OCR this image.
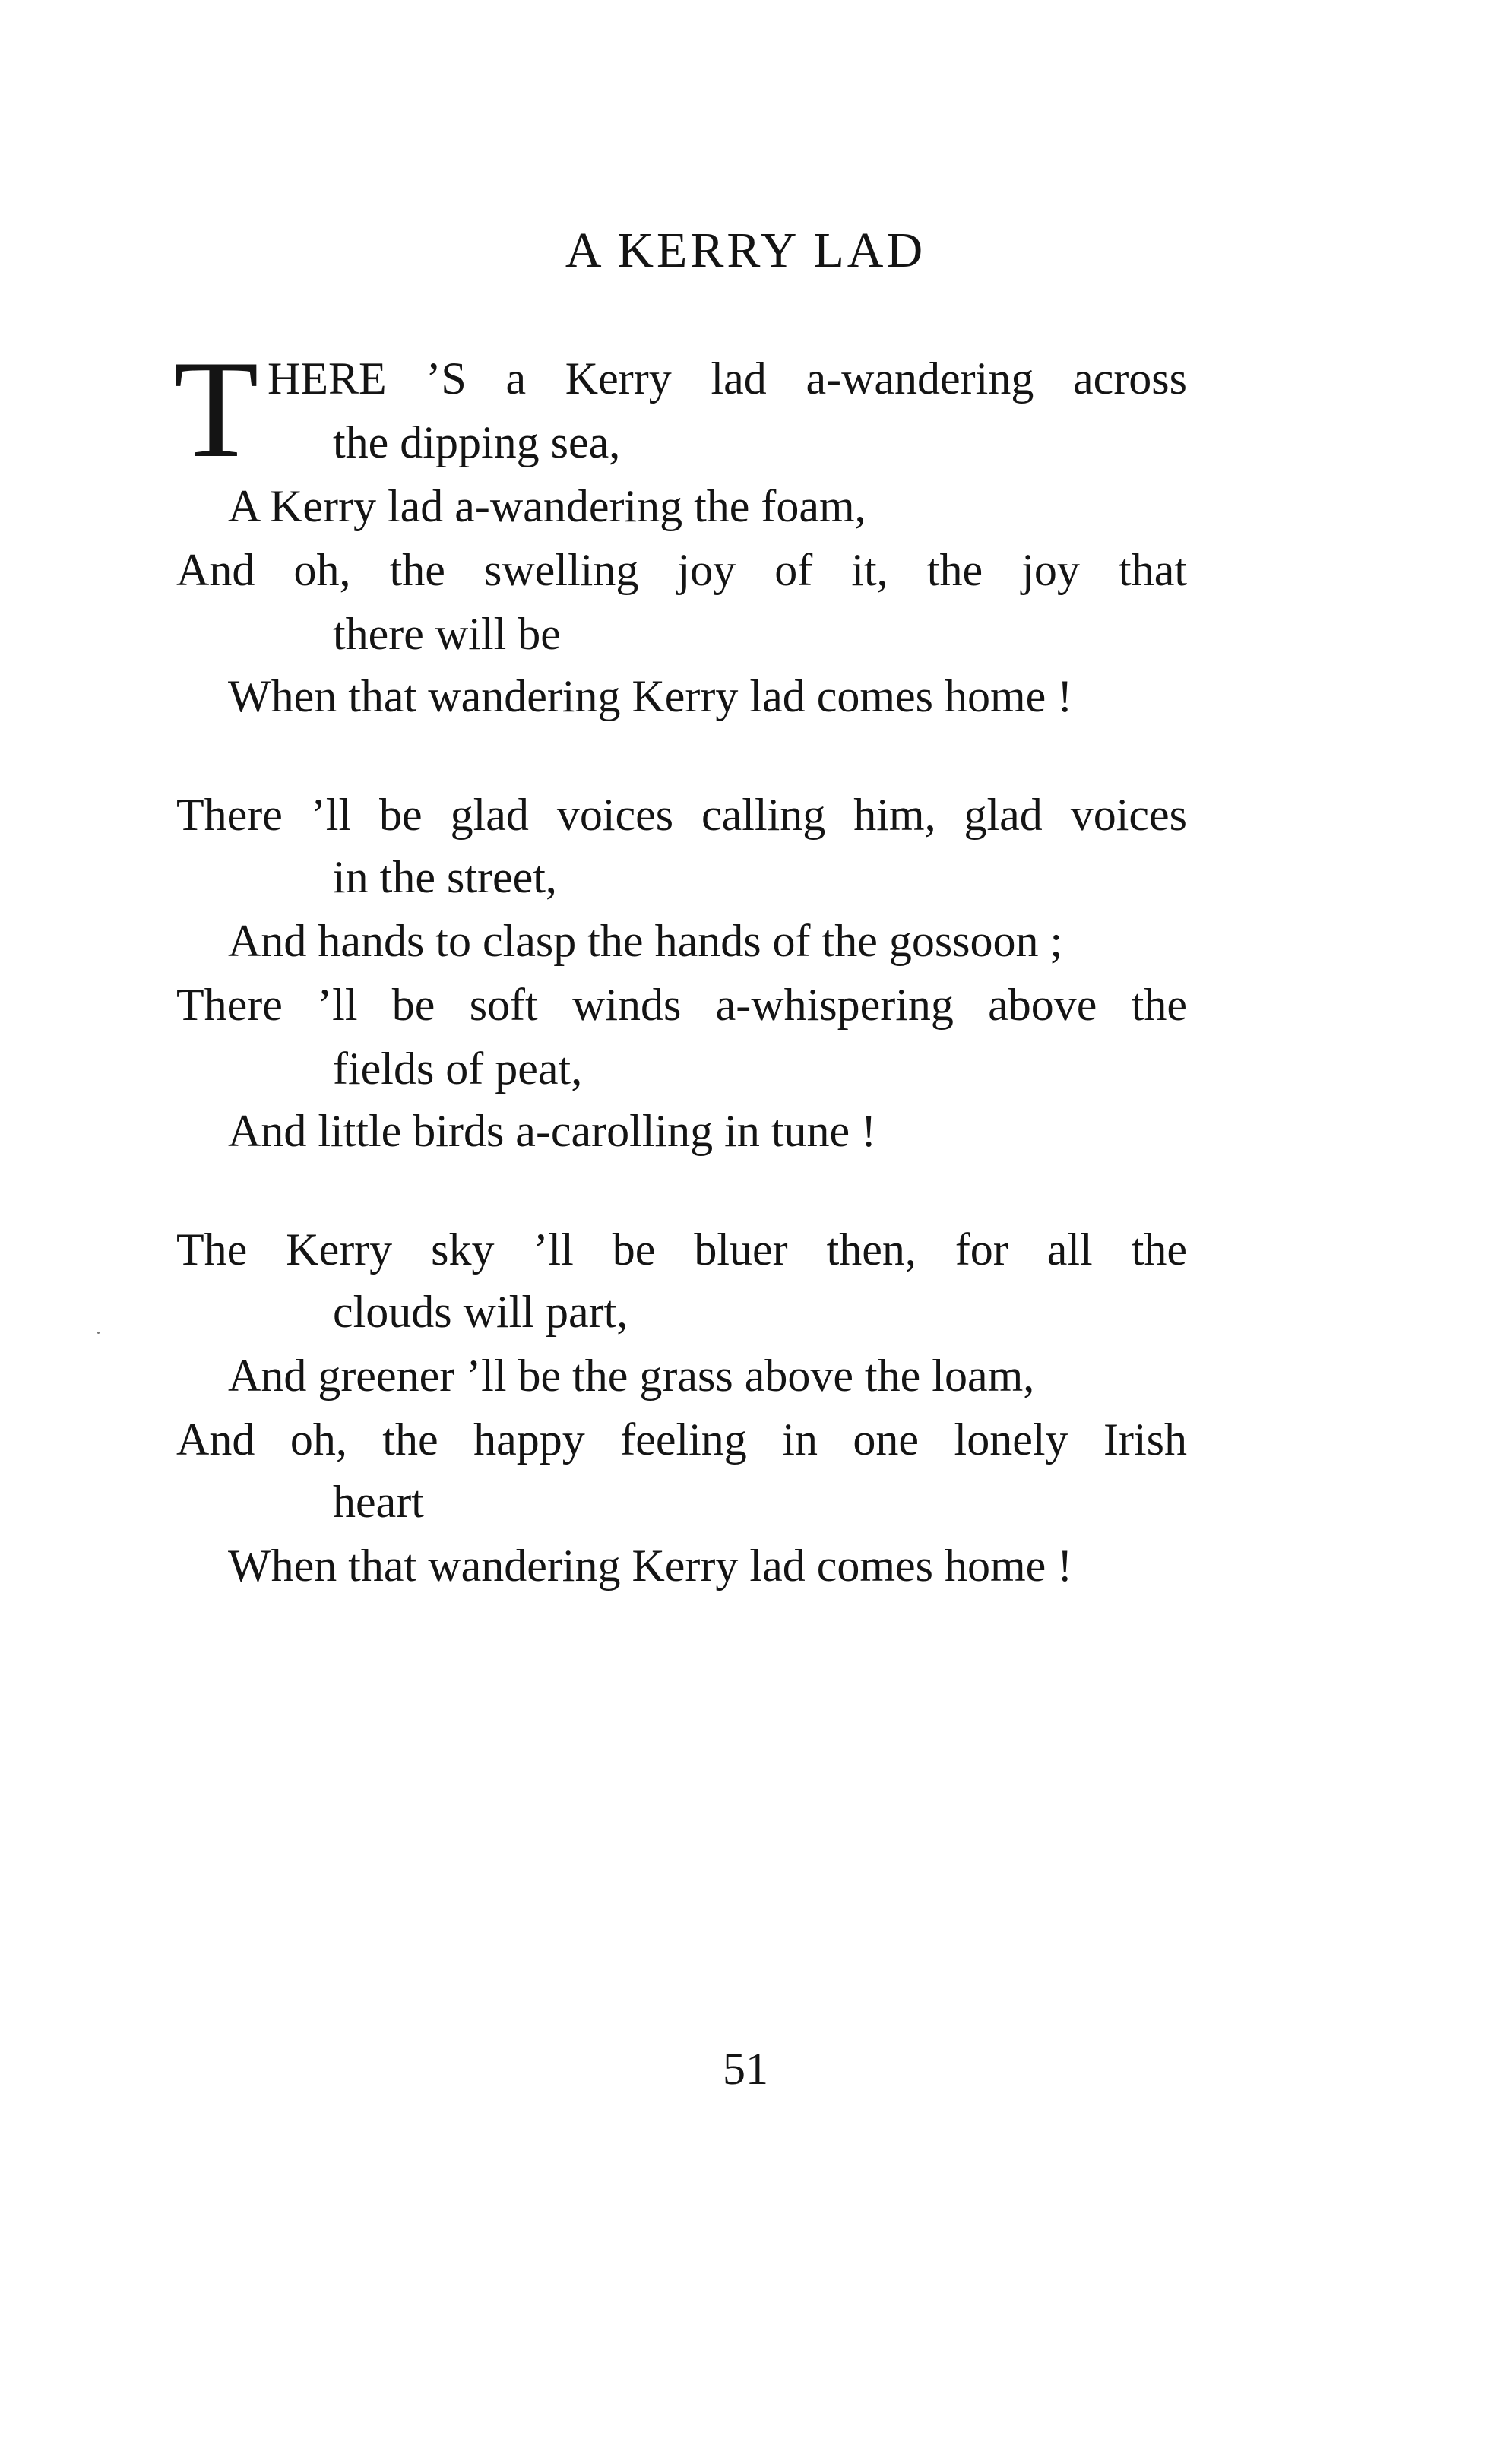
A KERRY LAD
T HERE ’S a Kerry lad a-wandering across

the dipping sea,

A Kerry lad a-wandering the foam,

And oh, the swelling joy of it, the joy that

there will be

When that wandering Kerry lad comes home !

There ’ll be glad voices calling him, glad voices

in the street,

And hands to clasp the hands of the gossoon ;

There ’ll be soft winds a-whispering above the

fields of peat,

And little birds a-carolling in tune !

The Kerry sky ’ll be bluer then, for all the

clouds will part,

And greener ’ll be the grass above the loam,

And oh, the happy feeling in one lonely Irish

heart

When that wandering Kerry lad comes home !

51
